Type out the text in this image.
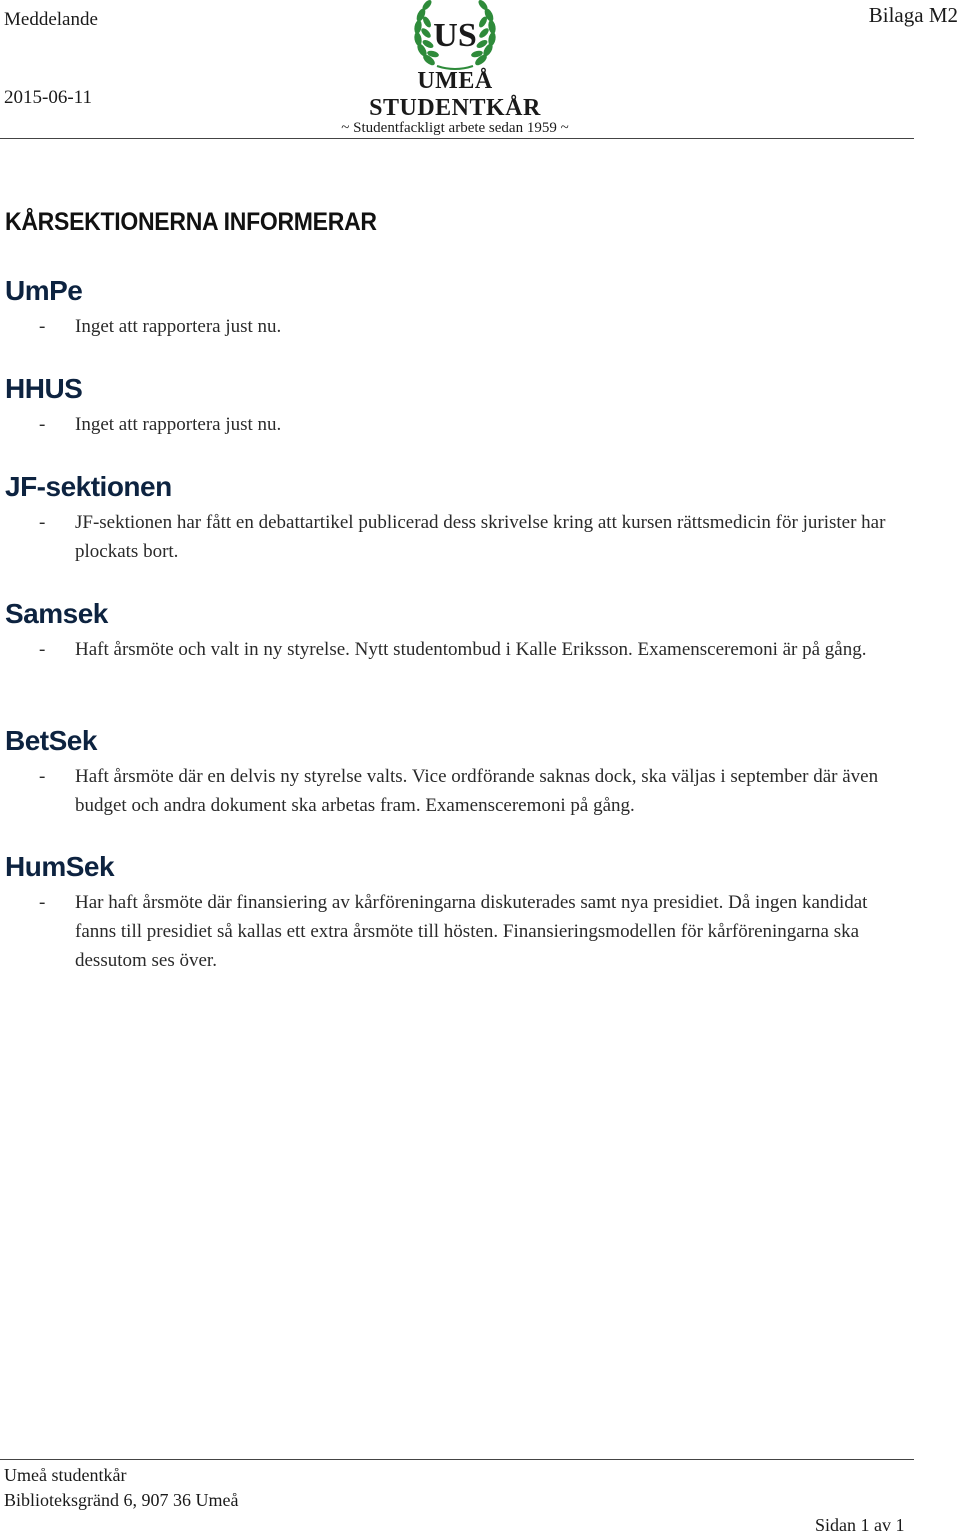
Meddelande
2015-06-11
Bilaga M2
US
UMEÅ STUDENTKÅR
~ Studentfackligt arbete sedan 1959 ~
KÅRSEKTIONERNA INFORMERAR
UmPe
- Inget att rapportera just nu.
HHUS
- Inget att rapportera just nu.
JF-sektionen
- JF-sektionen har fått en debattartikel publicerad dess skrivelse kring att kursen rättsmedicin för jurister har plockats bort.
Samsek
- Haft årsmöte och valt in ny styrelse. Nytt studentombud i Kalle Eriksson. Examensceremoni är på gång.
BetSek
- Haft årsmöte där en delvis ny styrelse valts. Vice ordförande saknas dock, ska väljas i september där även budget och andra dokument ska arbetas fram. Examensceremoni på gång.
HumSek
- Har haft årsmöte där finansiering av kårföreningarna diskuterades samt nya presidiet. Då ingen kandidat fanns till presidiet så kallas ett extra årsmöte till hösten. Finansieringsmodellen för kårföreningarna ska dessutom ses över.
Umeå studentkår
Biblioteksgränd 6, 907 36 Umeå
Sidan 1 av 1
